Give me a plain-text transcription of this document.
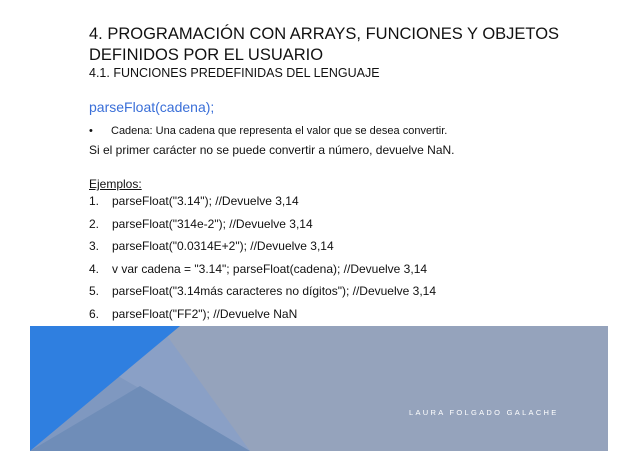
4. PROGRAMACIÓN CON ARRAYS, FUNCIONES Y OBJETOS DEFINIDOS POR EL USUARIO
4.1. FUNCIONES PREDEFINIDAS DEL LENGUAJE
parseFloat(cadena);
•	Cadena: Una cadena que representa el valor que se desea convertir.
Si el primer carácter no se puede convertir a número, devuelve NaN.
Ejemplos:
1.	parseFloat("3.14"); //Devuelve 3,14
2.	parseFloat("314e-2"); //Devuelve 3,14
3.	parseFloat("0.0314E+2"); //Devuelve 3,14
4.	v var cadena = "3.14"; parseFloat(cadena); //Devuelve 3,14
5.	parseFloat("3.14más caracteres no dígitos"); //Devuelve 3,14
6.	parseFloat("FF2"); //Devuelve NaN
LAURA FOLGADO GALACHE
